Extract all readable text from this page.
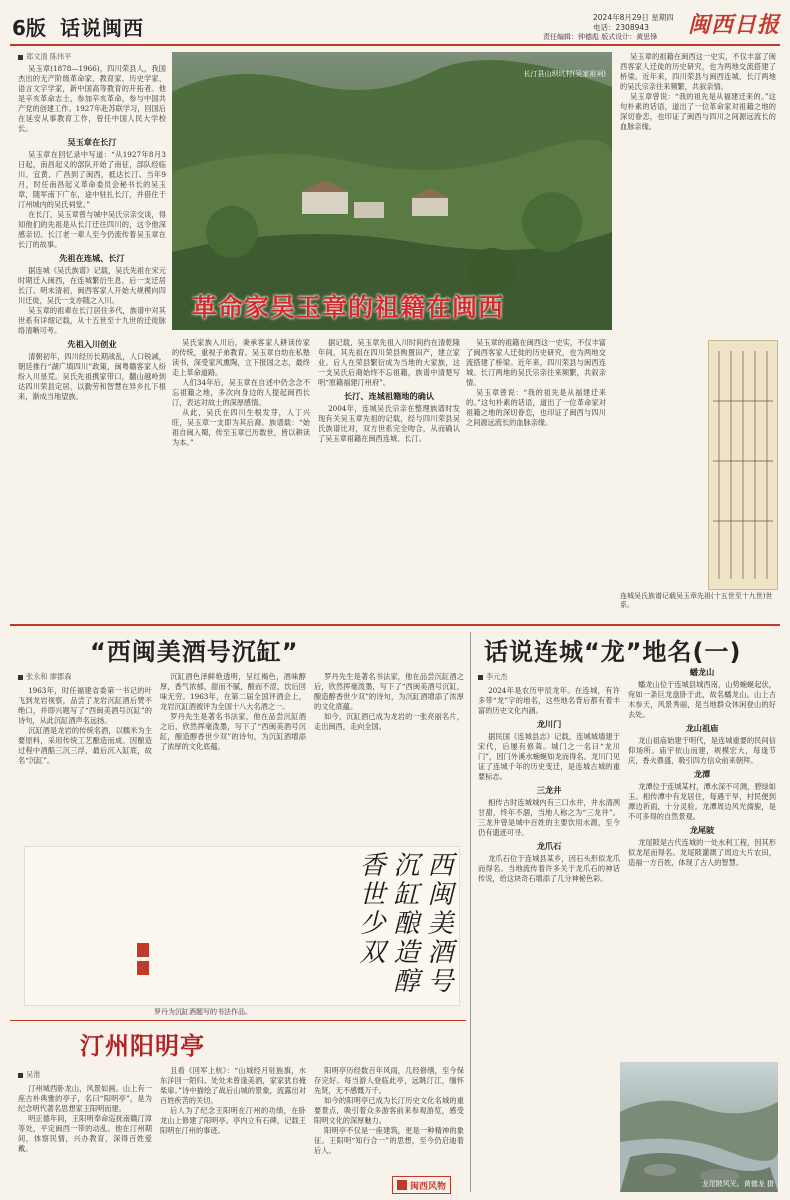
6版 话说闽西	2024年8月29日 星期四
电话：2308943
责任编辑：钟德彪 版式设计：黄思锋 闽西日报
郑文清 陈伟平

吴玉章(1878—1966)，四川荣县人，我国杰出的无产阶级革命家、教育家、历史学家、语言文字学家，新中国高等教育的开拓者。他是辛亥革命志士，参加辛亥革命，参与中国共产党的创建工作。1927年赴苏联学习，回国后在延安从事教育工作，曾任中国人民大学校长。

吴玉章在长汀

吴玉章在回忆录中写道：“从1927年8月3日起，南昌起义的部队开始了南征，部队经临川、宜黄、广昌到了闽西，抵达长汀。当年9月，时任南昌起义革命委员会秘书长的吴玉章，随军南下广东，途中驻扎长汀，并借住于汀州城内的吴氏祠堂。”

在长汀，吴玉章曾与城中吴氏宗亲交谈，得知他们的先祖是从长汀迁往四川的，这令他深感亲切。长汀老一辈人至今仍流传着吴玉章在长汀的故事。

先祖在连城、长汀

据连城《吴氏族谱》记载，吴氏先祖在宋元时期迁入闽西，在连城繁衍生息，后一支迁居长汀。明末清初，闽西客家人开始大规模向四川迁徙，吴氏一支亦随之入川。

吴玉章的祖辈在长汀居住多代，族谱中对其世系有详细记载，从十五世至十九世的迁徙脉络清晰可考。

先祖入川创业

清朝初年，四川经历长期战乱，人口锐减，朝廷推行“湖广填四川”政策，闽粤赣客家人纷纷入川垦荒。吴氏先祖携家带口，翻山越岭到达四川荣县定居，以勤劳和智慧在异乡扎下根来，渐成当地望族。

长汀县山坝坑村(吴家祖祠)
革命家吴玉章的祖籍在闽西

吴玉章的祖籍在闽西这一史实，不仅丰富了闽西客家人迁徙的历史研究，也为两地交流搭建了桥梁。近年来，四川荣县与闽西连城、长汀两地的吴氏宗亲往来频繁，共叙亲情。

吴玉章曾说：“我的祖先是从福建迁来的。”这句朴素的话语，道出了一位革命家对祖籍之地的深切眷恋，也印证了闽西与四川之间源远流长的血脉亲缘。

连城吴氏族谱记载吴玉章先祖(十五世至十九世)世系。

吴氏家族入川后，秉承客家人耕读传家的传统，重视子弟教育。吴玉章自幼在私塾读书，深受家风熏陶，立下报国之志，最终走上革命道路。

人们34年后，吴玉章在自述中仍念念不忘祖籍之地，多次向身边的人提起闽西长汀，表达对故土的深厚感情。

从此，吴氏在四川生根发芽，人丁兴旺，吴玉章一支即为其后裔。族谱载：“始祖自闽入蜀，传至玉章已历数世，皆以耕读为本。”

据记载，吴玉章先祖入川时间约在清乾隆年间，其先祖在四川荣县购置田产，建立家业。后人在荣县繁衍成为当地的大家族，这一支吴氏后裔始终不忘祖籍，族谱中清楚写明“原籍福建汀州府”。

长汀、连城祖籍地的确认

2004年，连城吴氏宗亲在整理族谱时发现有关吴玉章先祖的记载，经与四川荣县吴氏族谱比对，双方世系完全吻合，从而确认了吴玉章祖籍在闽西连城、长汀。

吴玉章的祖籍在闽西这一史实，不仅丰富了闽西客家人迁徙的历史研究，也为两地交流搭建了桥梁。近年来，四川荣县与闽西连城、长汀两地的吴氏宗亲往来频繁，共叙亲情。

吴玉章曾说：“我的祖先是从福建迁来的。”这句朴素的话语，道出了一位革命家对祖籍之地的深切眷恋，也印证了闽西与四川之间源远流长的血脉亲缘。

“西闽美酒号沉缸”
张永和 廖郡森

1963年，时任福建省委第一书记的叶飞到龙岩视察，品尝了龙岩沉缸酒后赞不绝口，并即兴题写了“西闽美酒号沉缸”的诗句，从此沉缸酒声名远扬。

沉缸酒是龙岩的传统名酒，以糯米为主要原料，采用传统工艺酿造而成。因酿造过程中酒醅三沉三浮，最后沉入缸底，故名“沉缸”。

沉缸酒色泽鲜艳透明，呈红褐色，酒味醇厚，香气浓郁，甜而不腻，酸而不涩，饮后回味无穷。1963年，在第二届全国评酒会上，龙岩沉缸酒被评为全国十八大名酒之一。

罗丹先生是著名书法家，他在品尝沉缸酒之后，欣然挥毫泼墨，写下了“西闽美酒号沉缸，酿造醇香世少双”的诗句，为沉缸酒增添了浓厚的文化底蕴。

罗丹先生是著名书法家，他在品尝沉缸酒之后，欣然挥毫泼墨，写下了“西闽美酒号沉缸，酿造醇香世少双”的诗句，为沉缸酒增添了浓厚的文化底蕴。

如今，沉缸酒已成为龙岩的一张亮丽名片，走出闽西，走向全国。

西闽美酒号沉缸酿造醇香世少双
罗丹为沉缸酒题写的书法作品。
话说连城“龙”地名(一)
李元杰

2024年是农历甲辰龙年。在连城，有许多带“龙”字的地名，这些地名背后都有着丰富的历史文化内涵。

龙川门

据民国《连城县志》记载，连城城墙建于宋代，后屡有修葺。城门之一名曰“龙川门”，因门外溪水蜿蜒如龙而得名。龙川门见证了连城千年的历史变迁，是连城古城的重要标志。

三龙井

相传古时连城城内有三口水井，井水清冽甘甜，终年不涸，当地人称之为“三龙井”。三龙井曾是城中百姓的主要饮用水源，至今仍有遗迹可寻。

龙爪石

龙爪石位于连城县某乡，因石头形似龙爪而得名。当地流传着许多关于龙爪石的神话传说，给这块奇石增添了几分神秘色彩。

蟠龙山

蟠龙山位于连城县城西南，山势蜿蜒起伏，宛如一条巨龙盘卧于此，故名蟠龙山。山上古木参天，风景秀丽，是当地群众休闲登山的好去处。

龙山祖庙

龙山祖庙始建于明代，是连城重要的民间信仰场所。庙宇依山而建，规模宏大，每逢节庆，香火鼎盛，吸引四方信众前来朝拜。

龙潭

龙潭位于连城某村，潭水深不可测，碧绿如玉。相传潭中有龙居住，每遇干旱，村民便到潭边祈雨，十分灵验。龙潭周边风光旖旎，是不可多得的自然景观。

龙尾陂

龙尾陂是古代连城的一处水利工程，因其形似龙尾而得名。龙尾陂灌溉了周边大片农田，造福一方百姓，体现了古人的智慧。

龙尾陂风光。黄德龙 摄
汀州阳明亭
吴淮

汀州城西卧龙山，风景如画。山上有一座古朴典雅的亭子，名曰“阳明亭”，是为纪念明代著名思想家王阳明而建。

明正德年间，王阳明奉命巡抚南赣汀漳等处，平定闽西一带的动乱。他在汀州期间，体察民情，兴办教育，深得百姓爱戴。

且看《回军上杭》：“山城经月驻旌旗，水东洋回一陌归。处处未曾逢美酒，家家犹自掩柴扉。”诗中描绘了战后山城的景象，流露出对百姓疾苦的关切。

后人为了纪念王阳明在汀州的功绩，在卧龙山上修建了阳明亭。亭内立有石碑，记载王阳明在汀州的事迹。

阳明亭历经数百年风雨，几经修缮，至今保存完好。每当游人登临此亭，远眺汀江，缅怀先贤，无不感慨万千。

如今的阳明亭已成为长汀历史文化名城的重要景点，吸引着众多游客前来参观游览，感受阳明文化的深厚魅力。

阳明亭不仅是一座建筑，更是一种精神的象征。王阳明“知行合一”的思想，至今仍启迪着后人。

闽西风物
